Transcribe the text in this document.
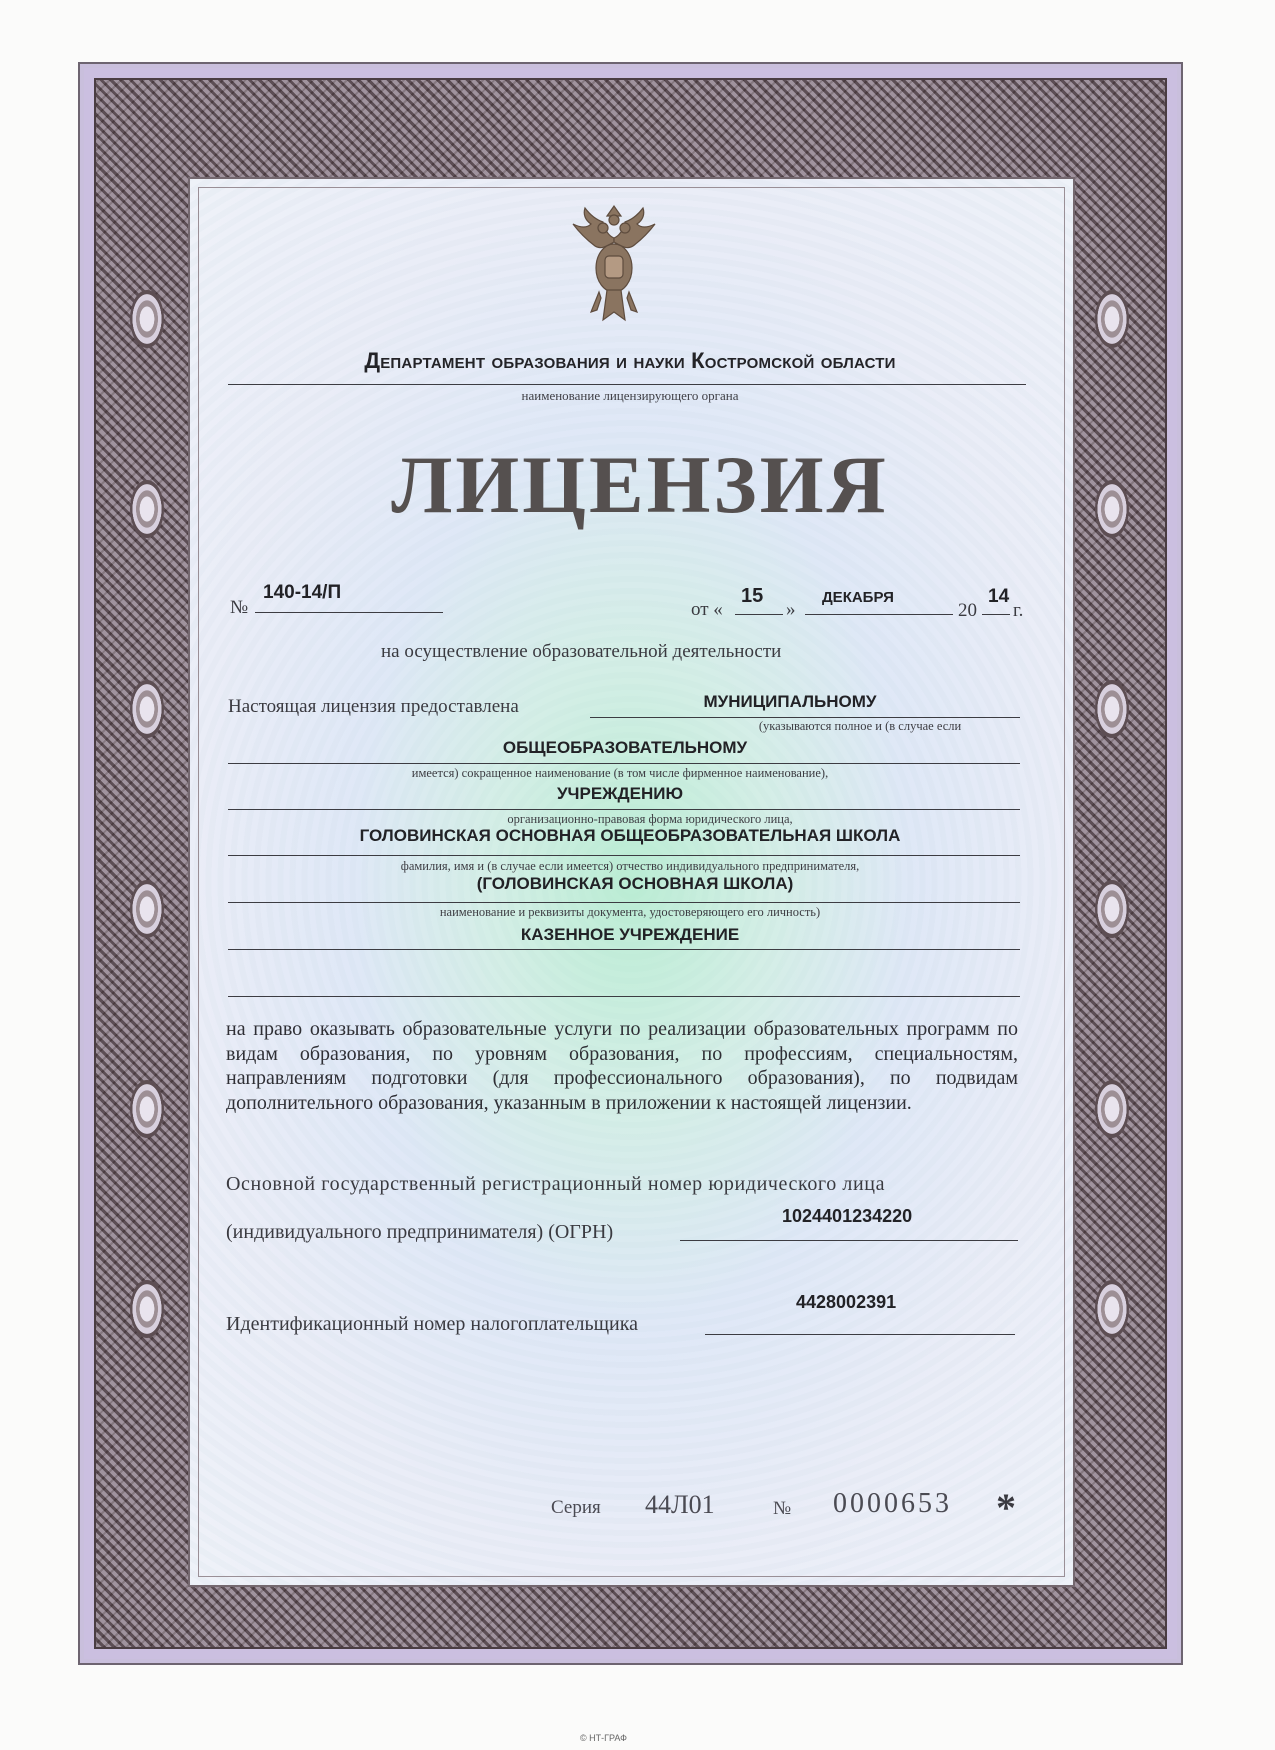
Департамент образования и науки Костромской области
наименование лицензирующего органа
ЛИЦЕНЗИЯ
№
140-14/П
от «
15
»
ДЕКАБРЯ
20
14
г.
на осуществление образовательной деятельности
Настоящая лицензия предоставлена	МУНИЦИПАЛЬНОМУ
(указываются полное и (в случае если
ОБЩЕОБРАЗОВАТЕЛЬНОМУ
имеется) сокращенное наименование (в том числе фирменное наименование),
УЧРЕЖДЕНИЮ
организационно-правовая форма юридического лица,
ГОЛОВИНСКАЯ ОСНОВНАЯ ОБЩЕОБРАЗОВАТЕЛЬНАЯ ШКОЛА
фамилия, имя и (в случае если имеется) отчество индивидуального предпринимателя,
(ГОЛОВИНСКАЯ ОСНОВНАЯ ШКОЛА)
наименование и реквизиты документа, удостоверяющего его личность)
КАЗЕННОЕ УЧРЕЖДЕНИЕ
на право оказывать образовательные услуги по реализации образовательных программ по видам образования, по уровням образования, по профессиям, специальностям, направлениям подготовки (для профессионального образования), по подвидам дополнительного образования, указанным в приложении к настоящей лицензии.
Основной государственный регистрационный номер юридического лица
(индивидуального предпринимателя) (ОГРН)
1024401234220
Идентификационный номер налогоплательщика
4428002391
Серия 44Л01	№ 0000653 *
© НТ-ГРАФ
